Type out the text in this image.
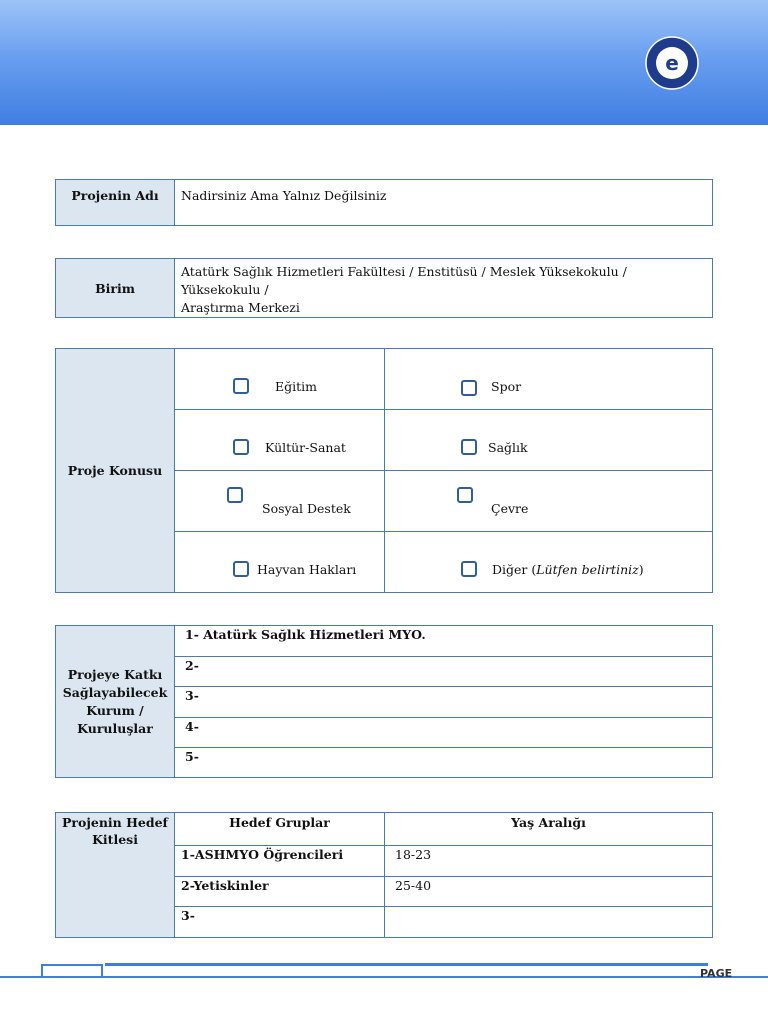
e
Projenin Adı	Nadirsiniz Ama Yalnız Değilsiniz
Birim	
Atatürk Sağlık Hizmetleri Fakültesi / Enstitüsü / Meslek Yüksekokulu / Yüksekokulu /
Araştırma Merkezi
Proje Konusu		

Eğitim	Spor
Kültür-Sanat	Sağlık
Sosyal Destek	Çevre
Hayvan Hakları	Diğer (Lütfen belirtiniz)
Projeye Katkı Sağlayabilecek Kurum / Kuruluşlar	1- Atatürk Sağlık Hizmetleri MYO.
2-
3-
4-
5-
Projenin Hedef Kitlesi	Hedef Gruplar	Yaş Aralığı
	1-ASHMYO Öğrencileri	18-23
	2-Yetiskinler	25-40
	3-	
PAGE
